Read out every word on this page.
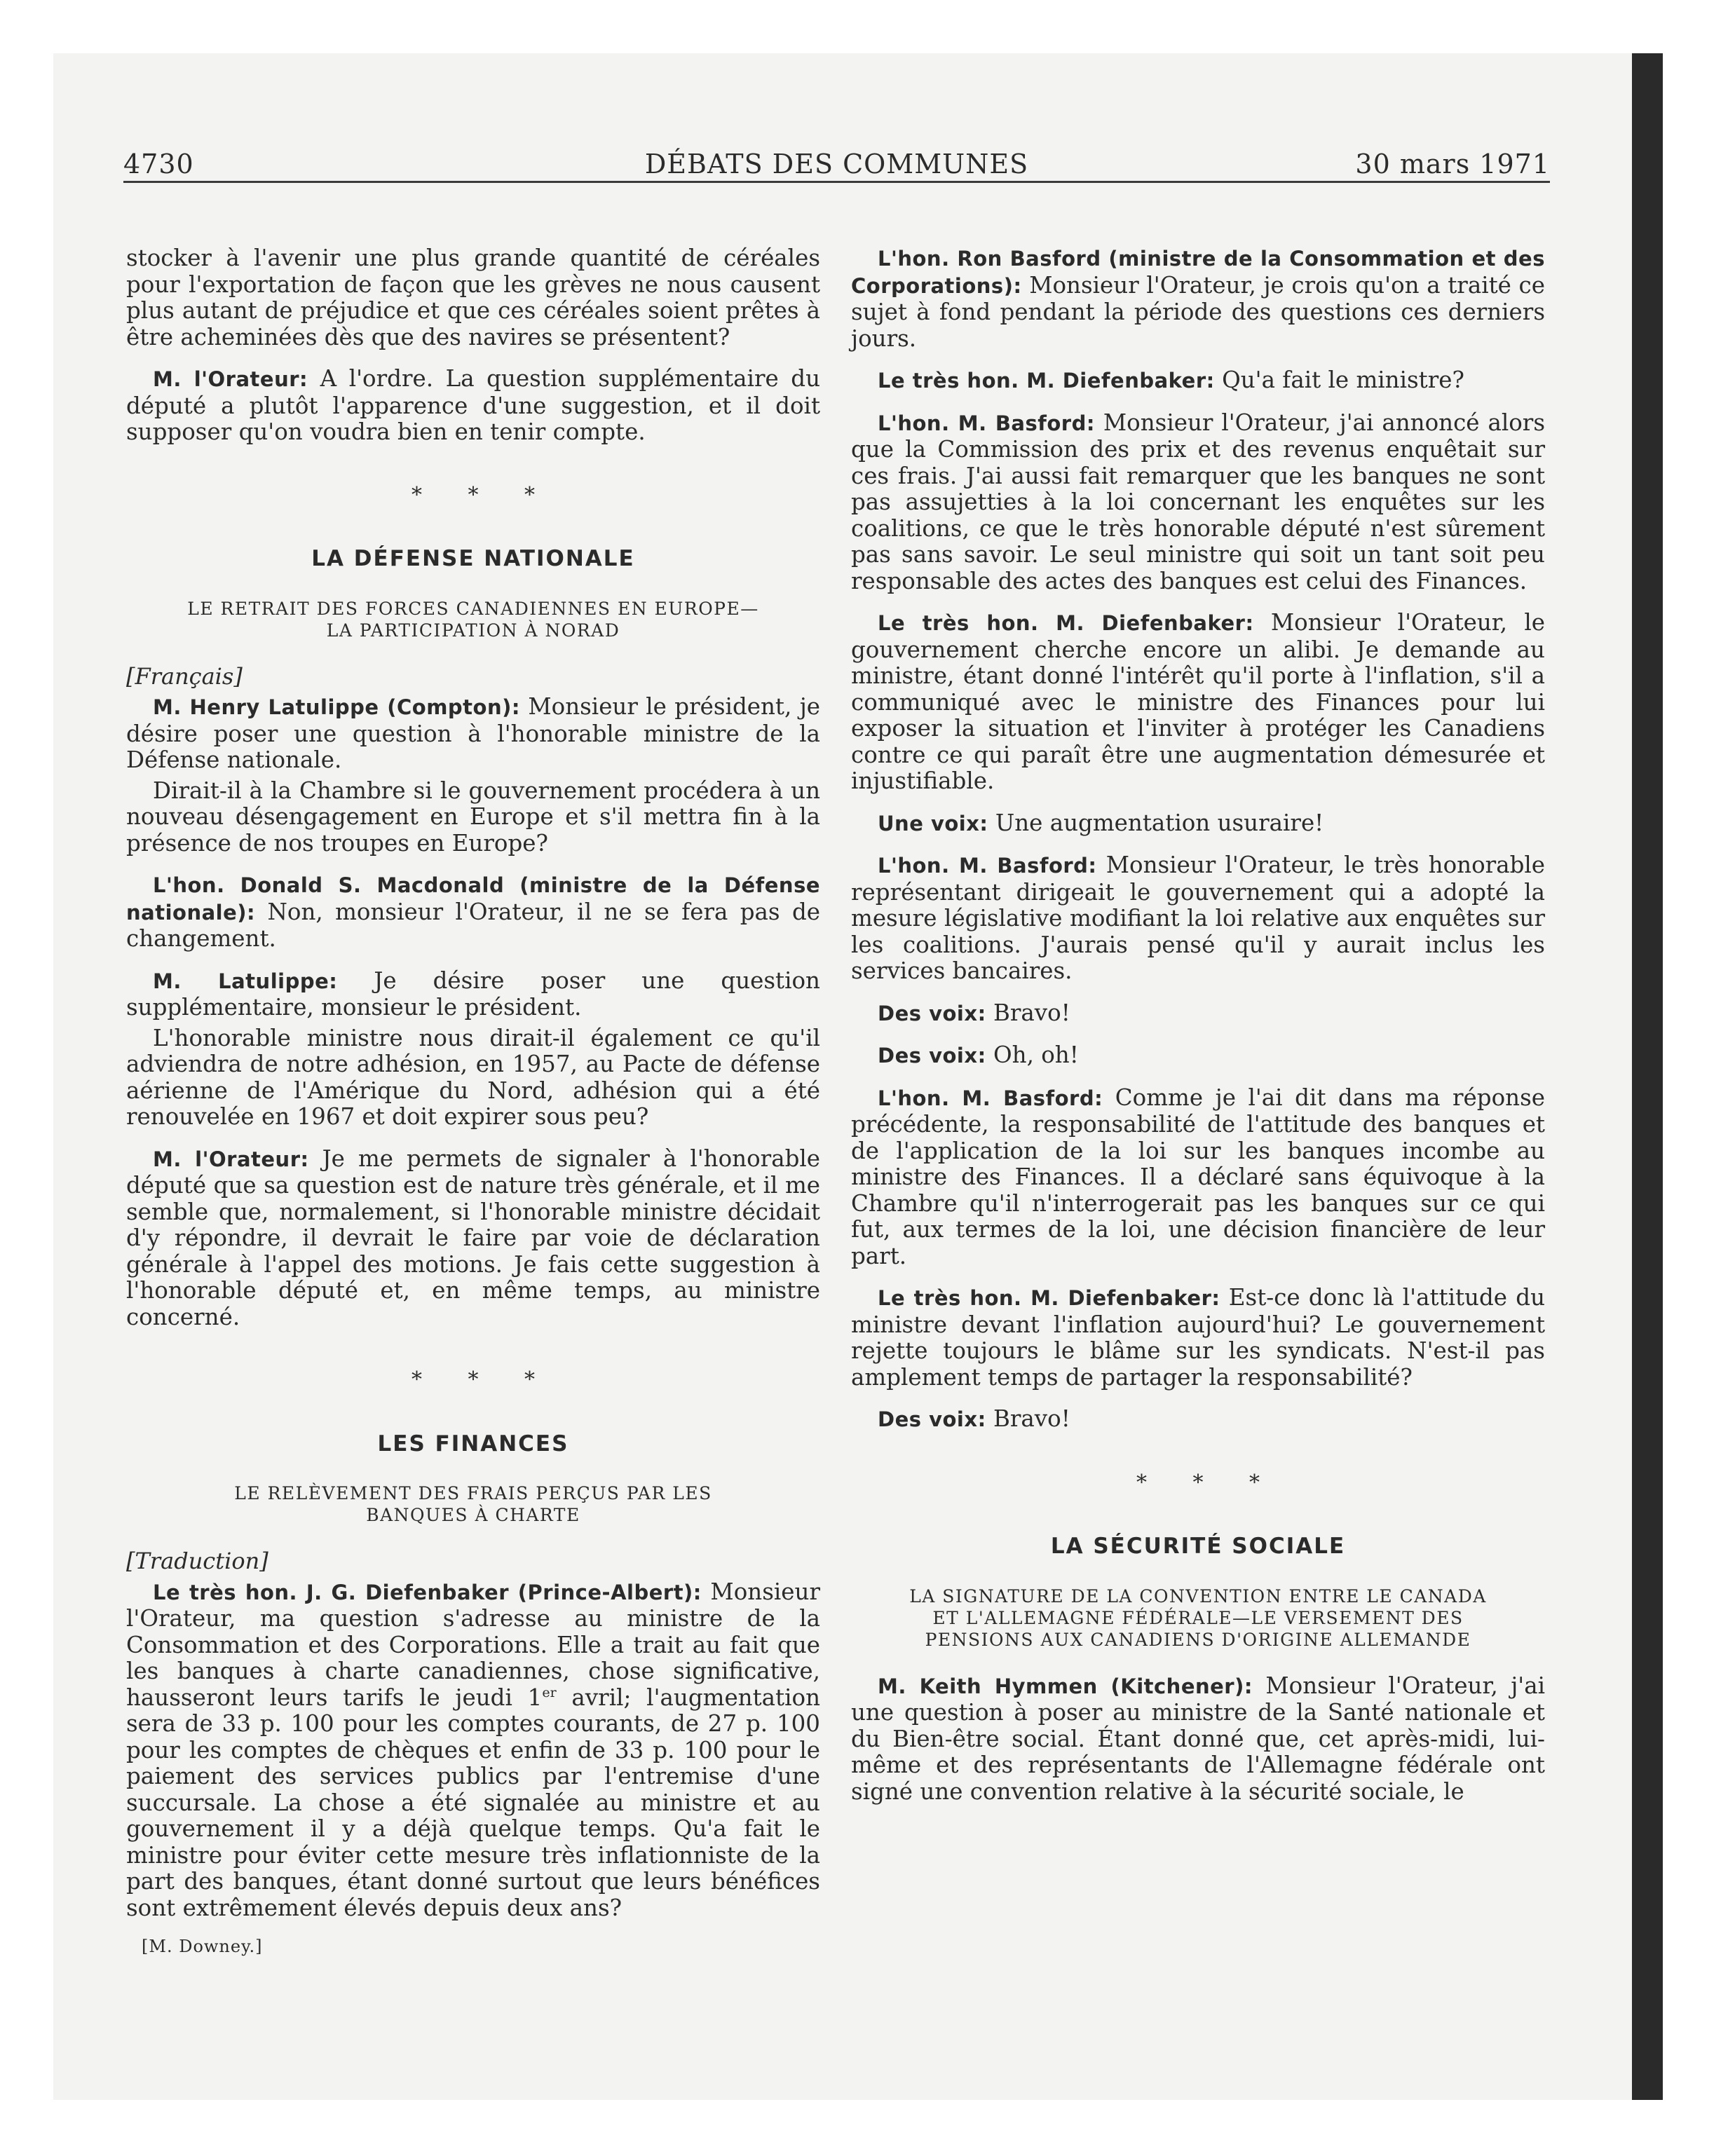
4730	DÉBATS DES COMMUNES	30 mars 1971

stocker à l'avenir une plus grande quantité de céréales pour l'exportation de façon que les grèves ne nous causent plus autant de préjudice et que ces céréales soient prêtes à être acheminées dès que des navires se présentent?

M. l'Orateur: A l'ordre. La question supplémentaire du député a plutôt l'apparence d'une suggestion, et il doit supposer qu'on voudra bien en tenir compte.

* * *
LA DÉFENSE NATIONALE
LE RETRAIT DES FORCES CANADIENNES EN EUROPE—
LA PARTICIPATION À NORAD
[Français]

M. Henry Latulippe (Compton): Monsieur le président, je désire poser une question à l'honorable ministre de la Défense nationale.

Dirait-il à la Chambre si le gouvernement procédera à un nouveau désengagement en Europe et s'il mettra fin à la présence de nos troupes en Europe?

L'hon. Donald S. Macdonald (ministre de la Défense nationale): Non, monsieur l'Orateur, il ne se fera pas de changement.

M. Latulippe: Je désire poser une question supplémentaire, monsieur le président.

L'honorable ministre nous dirait-il également ce qu'il adviendra de notre adhésion, en 1957, au Pacte de défense aérienne de l'Amérique du Nord, adhésion qui a été renouvelée en 1967 et doit expirer sous peu?

M. l'Orateur: Je me permets de signaler à l'honorable député que sa question est de nature très générale, et il me semble que, normalement, si l'honorable ministre décidait d'y répondre, il devrait le faire par voie de déclaration générale à l'appel des motions. Je fais cette suggestion à l'honorable député et, en même temps, au ministre concerné.

* * *
LES FINANCES
LE RELÈVEMENT DES FRAIS PERÇUS PAR LES
BANQUES À CHARTE
[Traduction]

Le très hon. J. G. Diefenbaker (Prince-Albert): Monsieur l'Orateur, ma question s'adresse au ministre de la Consommation et des Corporations. Elle a trait au fait que les banques à charte canadiennes, chose significative, hausseront leurs tarifs le jeudi 1er avril; l'augmentation sera de 33 p. 100 pour les comptes courants, de 27 p. 100 pour les comptes de chèques et enfin de 33 p. 100 pour le paiement des services publics par l'entremise d'une succursale. La chose a été signalée au ministre et au gouvernement il y a déjà quelque temps. Qu'a fait le ministre pour éviter cette mesure très inflationniste de la part des banques, étant donné surtout que leurs bénéfices sont extrêmement élevés depuis deux ans?

[M. Downey.]

L'hon. Ron Basford (ministre de la Consommation et des Corporations): Monsieur l'Orateur, je crois qu'on a traité ce sujet à fond pendant la période des questions ces derniers jours.

Le très hon. M. Diefenbaker: Qu'a fait le ministre?

L'hon. M. Basford: Monsieur l'Orateur, j'ai annoncé alors que la Commission des prix et des revenus enquêtait sur ces frais. J'ai aussi fait remarquer que les banques ne sont pas assujetties à la loi concernant les enquêtes sur les coalitions, ce que le très honorable député n'est sûrement pas sans savoir. Le seul ministre qui soit un tant soit peu responsable des actes des banques est celui des Finances.

Le très hon. M. Diefenbaker: Monsieur l'Orateur, le gouvernement cherche encore un alibi. Je demande au ministre, étant donné l'intérêt qu'il porte à l'inflation, s'il a communiqué avec le ministre des Finances pour lui exposer la situation et l'inviter à protéger les Canadiens contre ce qui paraît être une augmentation démesurée et injustifiable.

Une voix: Une augmentation usuraire!

L'hon. M. Basford: Monsieur l'Orateur, le très honorable représentant dirigeait le gouvernement qui a adopté la mesure législative modifiant la loi relative aux enquêtes sur les coalitions. J'aurais pensé qu'il y aurait inclus les services bancaires.

Des voix: Bravo!

Des voix: Oh, oh!

L'hon. M. Basford: Comme je l'ai dit dans ma réponse précédente, la responsabilité de l'attitude des banques et de l'application de la loi sur les banques incombe au ministre des Finances. Il a déclaré sans équivoque à la Chambre qu'il n'interrogerait pas les banques sur ce qui fut, aux termes de la loi, une décision financière de leur part.

Le très hon. M. Diefenbaker: Est-ce donc là l'attitude du ministre devant l'inflation aujourd'hui? Le gouvernement rejette toujours le blâme sur les syndicats. N'est-il pas amplement temps de partager la responsabilité?

Des voix: Bravo!

* * *
LA SÉCURITÉ SOCIALE
LA SIGNATURE DE LA CONVENTION ENTRE LE CANADA
ET L'ALLEMAGNE FÉDÉRALE—LE VERSEMENT DES
PENSIONS AUX CANADIENS D'ORIGINE ALLEMANDE

M. Keith Hymmen (Kitchener): Monsieur l'Orateur, j'ai une question à poser au ministre de la Santé nationale et du Bien-être social. Étant donné que, cet après-midi, lui-même et des représentants de l'Allemagne fédérale ont signé une convention relative à la sécurité sociale, le
